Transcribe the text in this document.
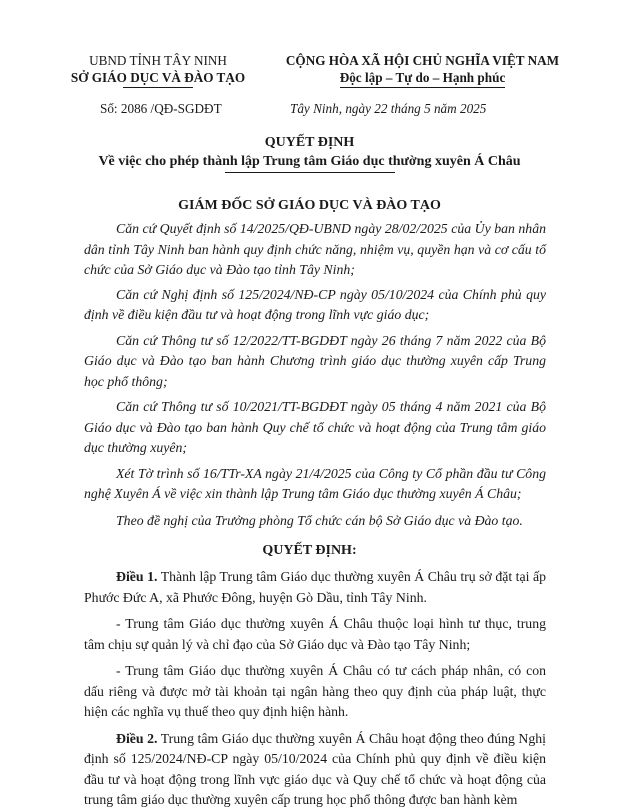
UBND TỈNH TÂY NINH
SỞ GIÁO DỤC VÀ ĐÀO TẠO
CỘNG HÒA XÃ HỘI CHỦ NGHĨA VIỆT NAM
Độc lập – Tự do – Hạnh phúc
Số: 2086 /QĐ-SGDĐT	Tây Ninh, ngày 22 tháng 5 năm 2025
QUYẾT ĐỊNH
Về việc cho phép thành lập Trung tâm Giáo dục thường xuyên Á Châu
GIÁM ĐỐC SỞ GIÁO DỤC VÀ ĐÀO TẠO

Căn cứ Quyết định số 14/2025/QĐ-UBND ngày 28/02/2025 của Ủy ban nhân dân tỉnh Tây Ninh ban hành quy định chức năng, nhiệm vụ, quyền hạn và cơ cấu tổ chức của Sở Giáo dục và Đào tạo tỉnh Tây Ninh;

Căn cứ Nghị định số 125/2024/NĐ-CP ngày 05/10/2024 của Chính phủ quy định về điều kiện đầu tư và hoạt động trong lĩnh vực giáo dục;

Căn cứ Thông tư số 12/2022/TT-BGDĐT ngày 26 tháng 7 năm 2022 của Bộ Giáo dục và Đào tạo ban hành Chương trình giáo dục thường xuyên cấp Trung học phổ thông;

Căn cứ Thông tư số 10/2021/TT-BGDĐT ngày 05 tháng 4 năm 2021 của Bộ Giáo dục và Đào tạo ban hành Quy chế tổ chức và hoạt động của Trung tâm giáo dục thường xuyên;

Xét Tờ trình số 16/TTr-XA ngày 21/4/2025 của Công ty Cổ phần đầu tư Công nghệ Xuyên Á về việc xin thành lập Trung tâm Giáo dục thường xuyên Á Châu;

Theo đề nghị của Trưởng phòng Tổ chức cán bộ Sở Giáo dục và Đào tạo.

QUYẾT ĐỊNH:

Điều 1. Thành lập Trung tâm Giáo dục thường xuyên Á Châu trụ sở đặt tại ấp Phước Đức A, xã Phước Đông, huyện Gò Dầu, tỉnh Tây Ninh.

- Trung tâm Giáo dục thường xuyên Á Châu thuộc loại hình tư thục, trung tâm chịu sự quản lý và chỉ đạo của Sở Giáo dục và Đào tạo Tây Ninh;

- Trung tâm Giáo dục thường xuyên Á Châu có tư cách pháp nhân, có con dấu riêng và được mở tài khoản tại ngân hàng theo quy định của pháp luật, thực hiện các nghĩa vụ thuế theo quy định hiện hành.

Điều 2. Trung tâm Giáo dục thường xuyên Á Châu hoạt động theo đúng Nghị định số 125/2024/NĐ-CP ngày 05/10/2024 của Chính phủ quy định về điều kiện đầu tư và hoạt động trong lĩnh vực giáo dục và Quy chế tổ chức và hoạt động của trung tâm giáo dục thường xuyên cấp trung học phổ thông được ban hành kèm
